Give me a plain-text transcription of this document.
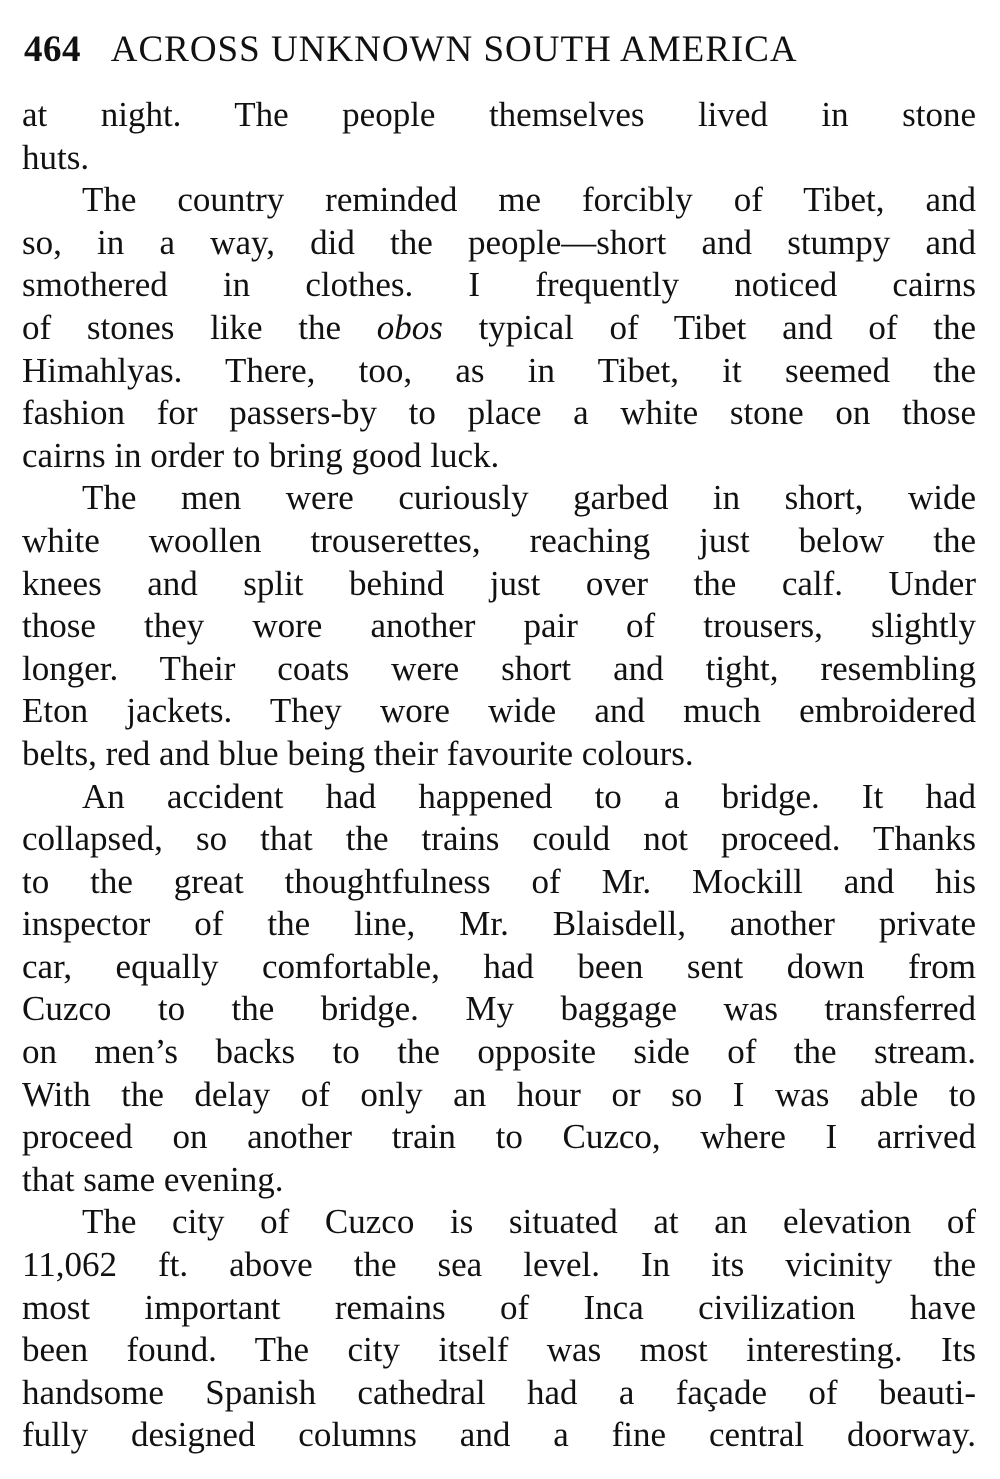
464 ACROSS UNKNOWN SOUTH AMERICA
at night. The people themselves lived in stone
huts.
The country reminded me forcibly of Tibet, and
so, in a way, did the people—short and stumpy and
smothered in clothes. I frequently noticed cairns
of stones like the obos typical of Tibet and of the
Himahlyas. There, too, as in Tibet, it seemed the
fashion for passers-by to place a white stone on those
cairns in order to bring good luck.
The men were curiously garbed in short, wide
white woollen trouserettes, reaching just below the
knees and split behind just over the calf. Under
those they wore another pair of trousers, slightly
longer. Their coats were short and tight, resembling
Eton jackets. They wore wide and much embroidered
belts, red and blue being their favourite colours.
An accident had happened to a bridge. It had
collapsed, so that the trains could not proceed. Thanks
to the great thoughtfulness of Mr. Mockill and his
inspector of the line, Mr. Blaisdell, another private
car, equally comfortable, had been sent down from
Cuzco to the bridge. My baggage was transferred
on men’s backs to the opposite side of the stream.
With the delay of only an hour or so I was able to
proceed on another train to Cuzco, where I arrived
that same evening.
The city of Cuzco is situated at an elevation of
11,062 ft. above the sea level. In its vicinity the
most important remains of Inca civilization have
been found. The city itself was most interesting. Its
handsome Spanish cathedral had a façade of beauti-
fully designed columns and a fine central doorway.
